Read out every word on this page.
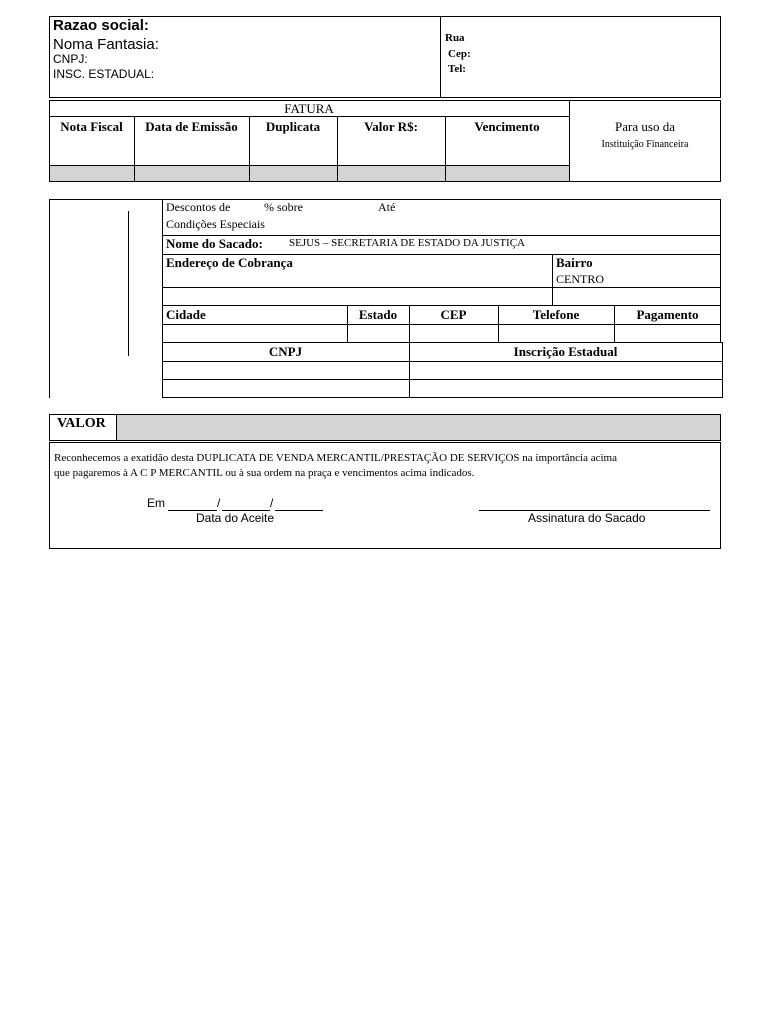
Razao social:
Noma Fantasia:
CNPJ:
INSC. ESTADUAL:
Rua
Cep:
Tel:
FATURA
Nota Fiscal	Data de Emissão	Duplicata	Valor R$:	Vencimento	Para uso da
Instituição Financeira
Descontos de	% sobre	Até
Condições Especiais
Nome do Sacado: SEJUS – SECRETARIA DE ESTADO DA JUSTIÇA
Endereço de Cobrança	Bairro
CENTRO
Cidade	Estado	CEP	Telefone	Pagamento
CNPJ	Inscrição Estadual
VALOR
Reconhecemos a exatidão desta DUPLICATA DE VENDA MERCANTIL/PRESTAÇÃO DE SERVIÇOS na importância acima
que pagaremos à A C P MERCANTIL ou à sua ordem na praça e vencimentos acima indicados.
Em	/	/
Data do Aceite	Assinatura do Sacado
